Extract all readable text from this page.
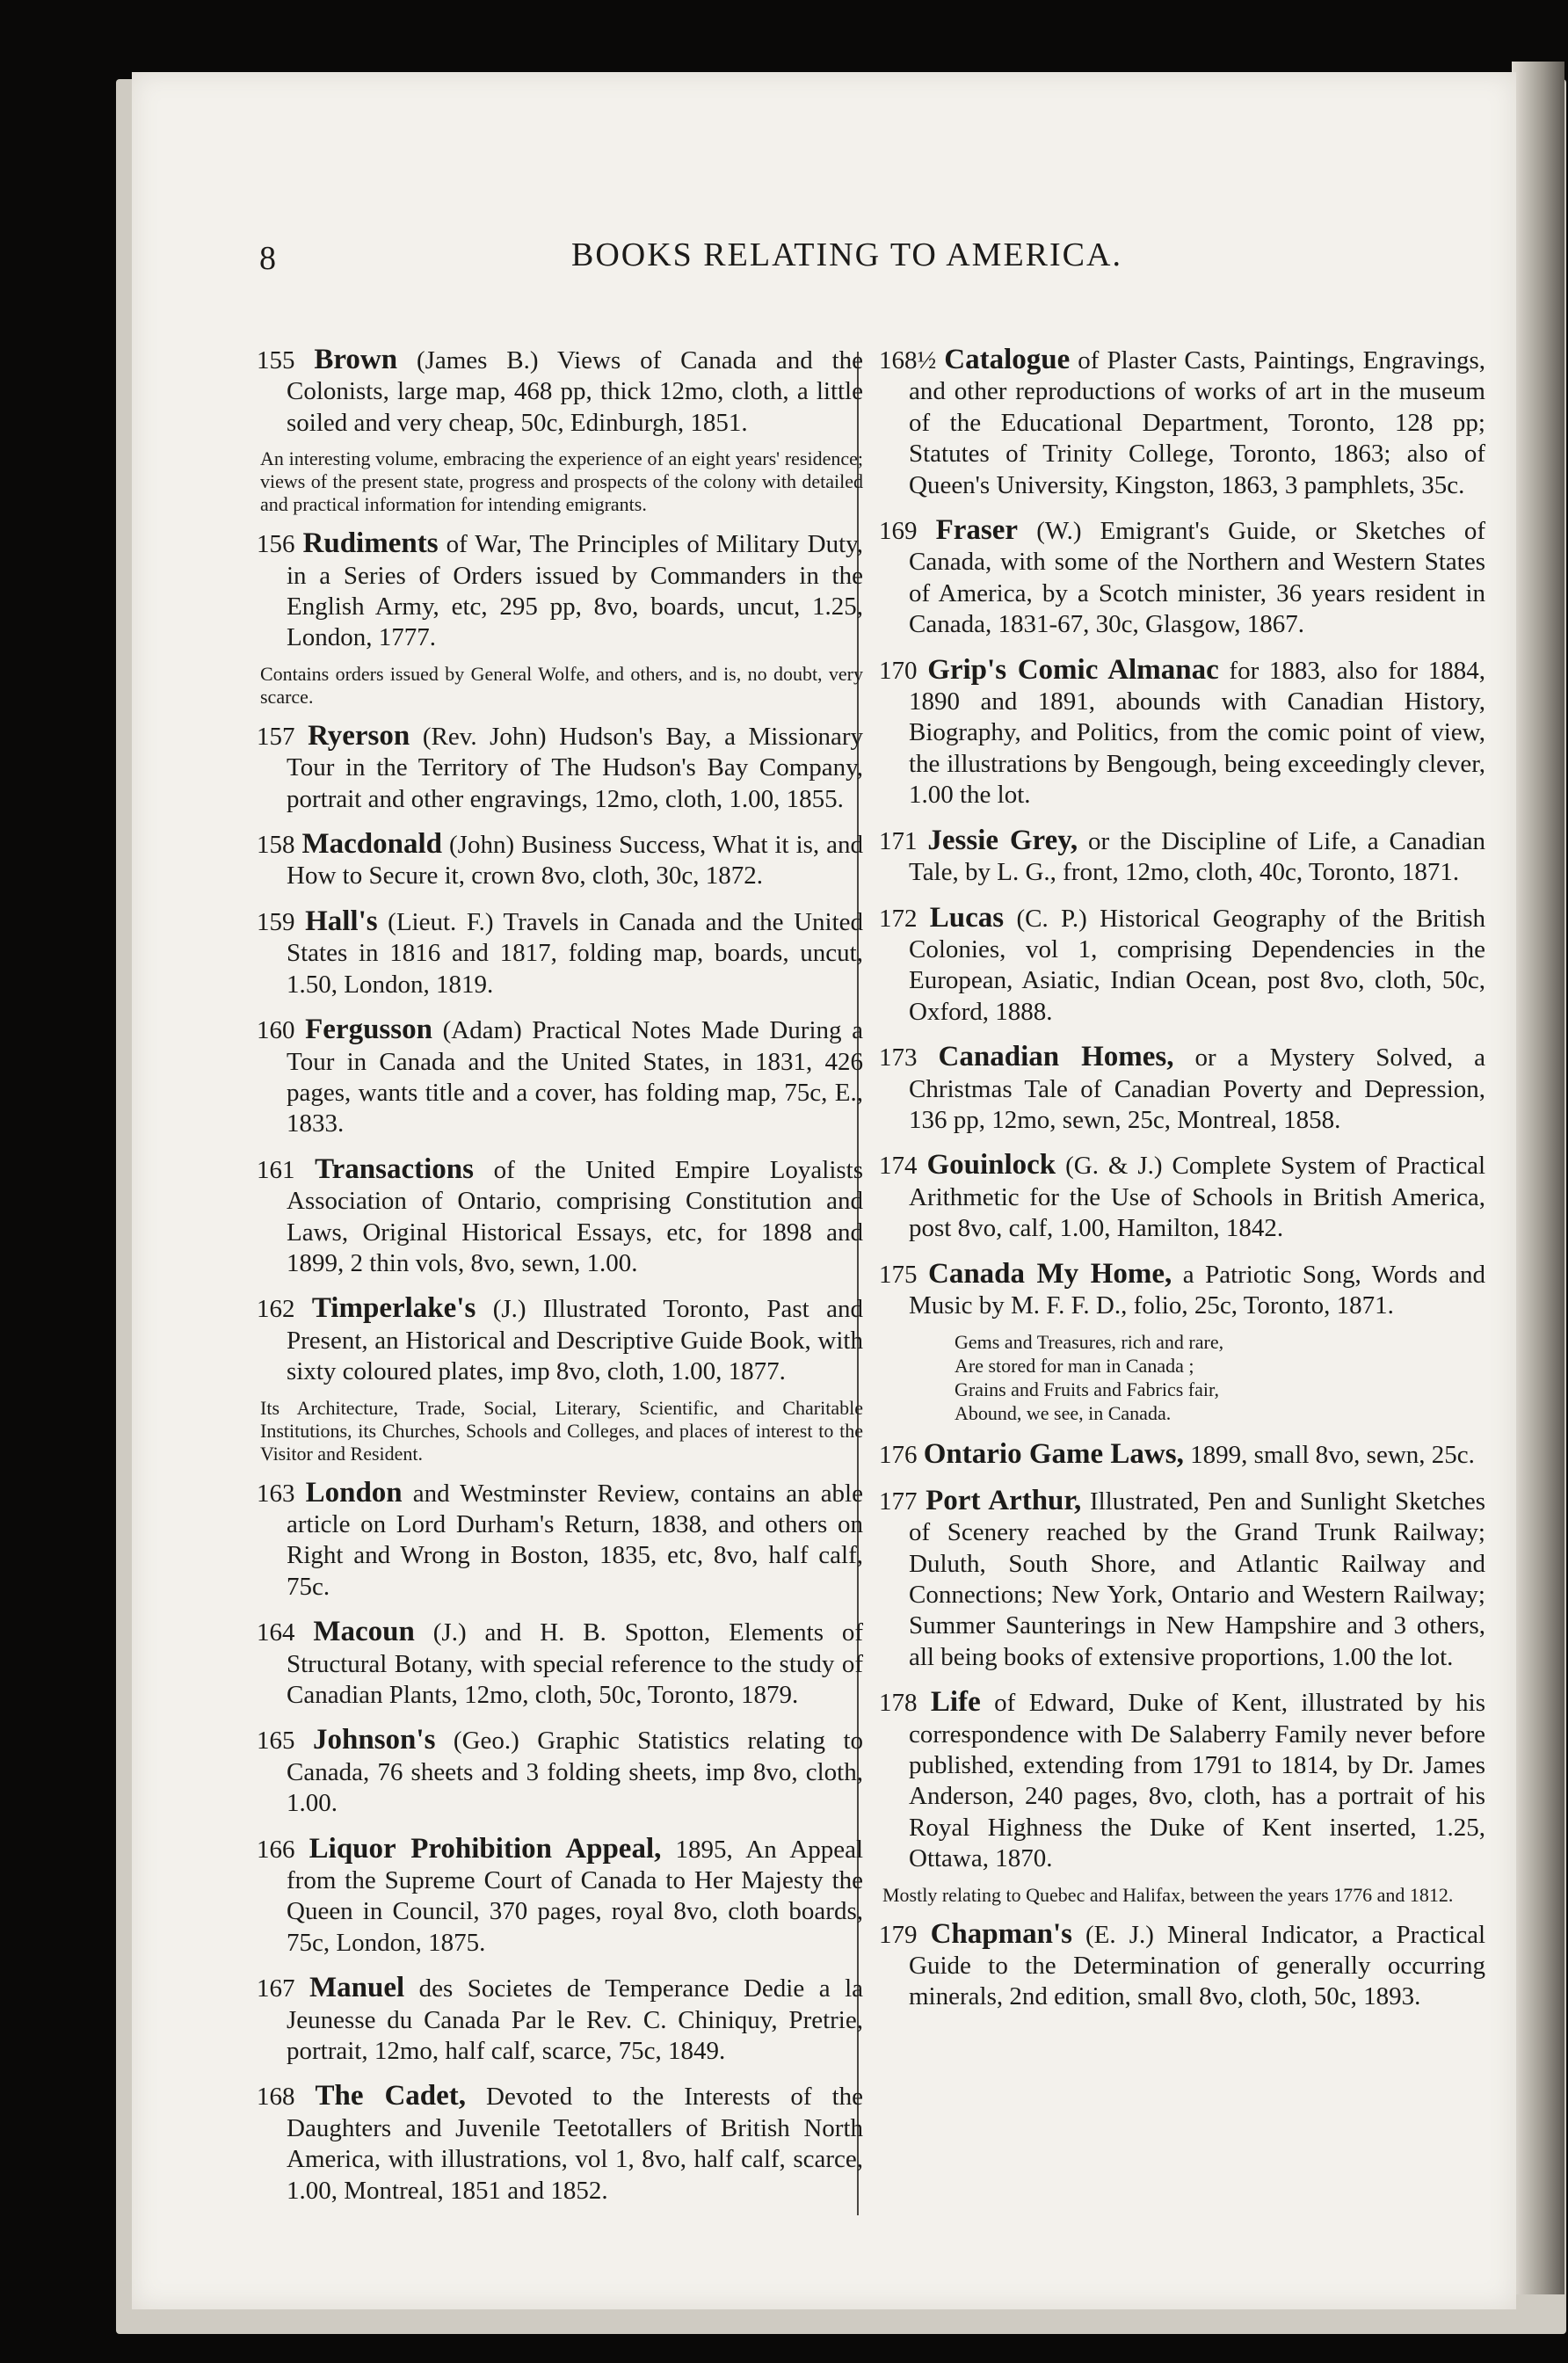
8	BOOKS RELATING TO AMERICA.
155 Brown (James B.) Views of Canada and the Colonists, large map, 468 pp, thick 12mo, cloth, a little soiled and very cheap, 50c, Edinburgh, 1851.
An interesting volume, embracing the experience of an eight years' residence; views of the present state, progress and prospects of the colony with detailed and practical information for intending emigrants.
156 Rudiments of War, The Principles of Military Duty, in a Series of Orders issued by Commanders in the English Army, etc, 295 pp, 8vo, boards, uncut, 1.25, London, 1777.
Contains orders issued by General Wolfe, and others, and is, no doubt, very scarce.
157 Ryerson (Rev. John) Hudson's Bay, a Missionary Tour in the Territory of The Hudson's Bay Company, portrait and other engravings, 12mo, cloth, 1.00, 1855.
158 Macdonald (John) Business Success, What it is, and How to Secure it, crown 8vo, cloth, 30c, 1872.
159 Hall's (Lieut. F.) Travels in Canada and the United States in 1816 and 1817, folding map, boards, uncut, 1.50, London, 1819.
160 Fergusson (Adam) Practical Notes Made During a Tour in Canada and the United States, in 1831, 426 pages, wants title and a cover, has folding map, 75c, E., 1833.
161 Transactions of the United Empire Loyalists Association of Ontario, comprising Constitution and Laws, Original Historical Essays, etc, for 1898 and 1899, 2 thin vols, 8vo, sewn, 1.00.
162 Timperlake's (J.) Illustrated Toronto, Past and Present, an Historical and Descriptive Guide Book, with sixty coloured plates, imp 8vo, cloth, 1.00, 1877.
Its Architecture, Trade, Social, Literary, Scientific, and Charitable Institutions, its Churches, Schools and Colleges, and places of interest to the Visitor and Resident.
163 London and Westminster Review, contains an able article on Lord Durham's Return, 1838, and others on Right and Wrong in Boston, 1835, etc, 8vo, half calf, 75c.
164 Macoun (J.) and H. B. Spotton, Elements of Structural Botany, with special reference to the study of Canadian Plants, 12mo, cloth, 50c, Toronto, 1879.
165 Johnson's (Geo.) Graphic Statistics relating to Canada, 76 sheets and 3 folding sheets, imp 8vo, cloth, 1.00.
166 Liquor Prohibition Appeal, 1895, An Appeal from the Supreme Court of Canada to Her Majesty the Queen in Council, 370 pages, royal 8vo, cloth boards, 75c, London, 1875.
167 Manuel des Societes de Temperance Dedie a la Jeunesse du Canada Par le Rev. C. Chiniquy, Pretrie, portrait, 12mo, half calf, scarce, 75c, 1849.
168 The Cadet, Devoted to the Interests of the Daughters and Juvenile Teetotallers of British North America, with illustrations, vol 1, 8vo, half calf, scarce, 1.00, Montreal, 1851 and 1852.
168½ Catalogue of Plaster Casts, Paintings, Engravings, and other reproductions of works of art in the museum of the Educational Department, Toronto, 128 pp; Statutes of Trinity College, Toronto, 1863; also of Queen's University, Kingston, 1863, 3 pamphlets, 35c.
169 Fraser (W.) Emigrant's Guide, or Sketches of Canada, with some of the Northern and Western States of America, by a Scotch minister, 36 years resident in Canada, 1831-67, 30c, Glasgow, 1867.
170 Grip's Comic Almanac for 1883, also for 1884, 1890 and 1891, abounds with Canadian History, Biography, and Politics, from the comic point of view, the illustrations by Bengough, being exceedingly clever, 1.00 the lot.
171 Jessie Grey, or the Discipline of Life, a Canadian Tale, by L. G., front, 12mo, cloth, 40c, Toronto, 1871.
172 Lucas (C. P.) Historical Geography of the British Colonies, vol 1, comprising Dependencies in the European, Asiatic, Indian Ocean, post 8vo, cloth, 50c, Oxford, 1888.
173 Canadian Homes, or a Mystery Solved, a Christmas Tale of Canadian Poverty and Depression, 136 pp, 12mo, sewn, 25c, Montreal, 1858.
174 Gouinlock (G. & J.) Complete System of Practical Arithmetic for the Use of Schools in British America, post 8vo, calf, 1.00, Hamilton, 1842.
175 Canada My Home, a Patriotic Song, Words and Music by M. F. F. D., folio, 25c, Toronto, 1871.
Gems and Treasures, rich and rare,
Are stored for man in Canada ;
Grains and Fruits and Fabrics fair,
Abound, we see, in Canada.
176 Ontario Game Laws, 1899, small 8vo, sewn, 25c.
177 Port Arthur, Illustrated, Pen and Sunlight Sketches of Scenery reached by the Grand Trunk Railway; Duluth, South Shore, and Atlantic Railway and Connections; New York, Ontario and Western Railway; Summer Saunterings in New Hampshire and 3 others, all being books of extensive proportions, 1.00 the lot.
178 Life of Edward, Duke of Kent, illustrated by his correspondence with De Salaberry Family never before published, extending from 1791 to 1814, by Dr. James Anderson, 240 pages, 8vo, cloth, has a portrait of his Royal Highness the Duke of Kent inserted, 1.25, Ottawa, 1870.
Mostly relating to Quebec and Halifax, between the years 1776 and 1812.
179 Chapman's (E. J.) Mineral Indicator, a Practical Guide to the Determination of generally occurring minerals, 2nd edition, small 8vo, cloth, 50c, 1893.
